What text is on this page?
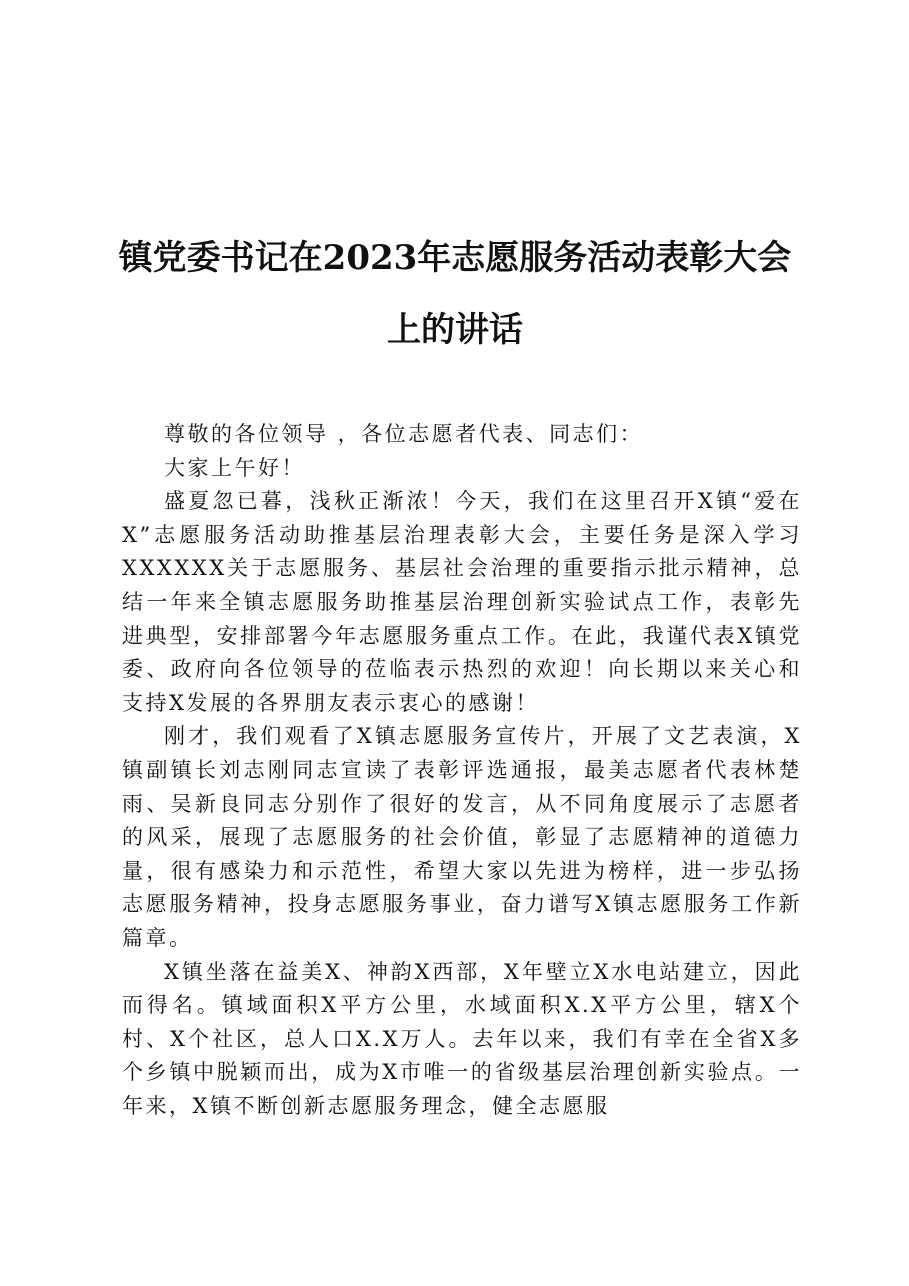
镇党委书记在2023年志愿服务活动表彰大会
上的讲话

尊敬的各位领导 ，各位志愿者代表、同志们：

大家上午好！

盛夏忽已暮，浅秋正渐浓！今天，我们在这里召开X镇“爱在X”志愿服务活动助推基层治理表彰大会，主要任务是深入学习XXXXXX关于志愿服务、基层社会治理的重要指示批示精神，总结一年来全镇志愿服务助推基层治理创新实验试点工作，表彰先进典型，安排部署今年志愿服务重点工作。在此，我谨代表X镇党委、政府向各位领导的莅临表示热烈的欢迎！向长期以来关心和支持X发展的各界朋友表示衷心的感谢！

刚才，我们观看了X镇志愿服务宣传片，开展了文艺表演，X镇副镇长刘志刚同志宣读了表彰评选通报，最美志愿者代表林楚雨、吴新良同志分别作了很好的发言，从不同角度展示了志愿者的风采，展现了志愿服务的社会价值，彰显了志愿精神的道德力量，很有感染力和示范性，希望大家以先进为榜样，进一步弘扬志愿服务精神，投身志愿服务事业，奋力谱写X镇志愿服务工作新篇章。

X镇坐落在益美X、神韵X西部，X年壁立X水电站建立，因此而得名。镇域面积X平方公里，水域面积X.X平方公里，辖X个村、X个社区，总人口X.X万人。去年以来，我们有幸在全省X多个乡镇中脱颖而出，成为X市唯一的省级基层治理创新实验点。一年来，X镇不断创新志愿服务理念，健全志愿服
